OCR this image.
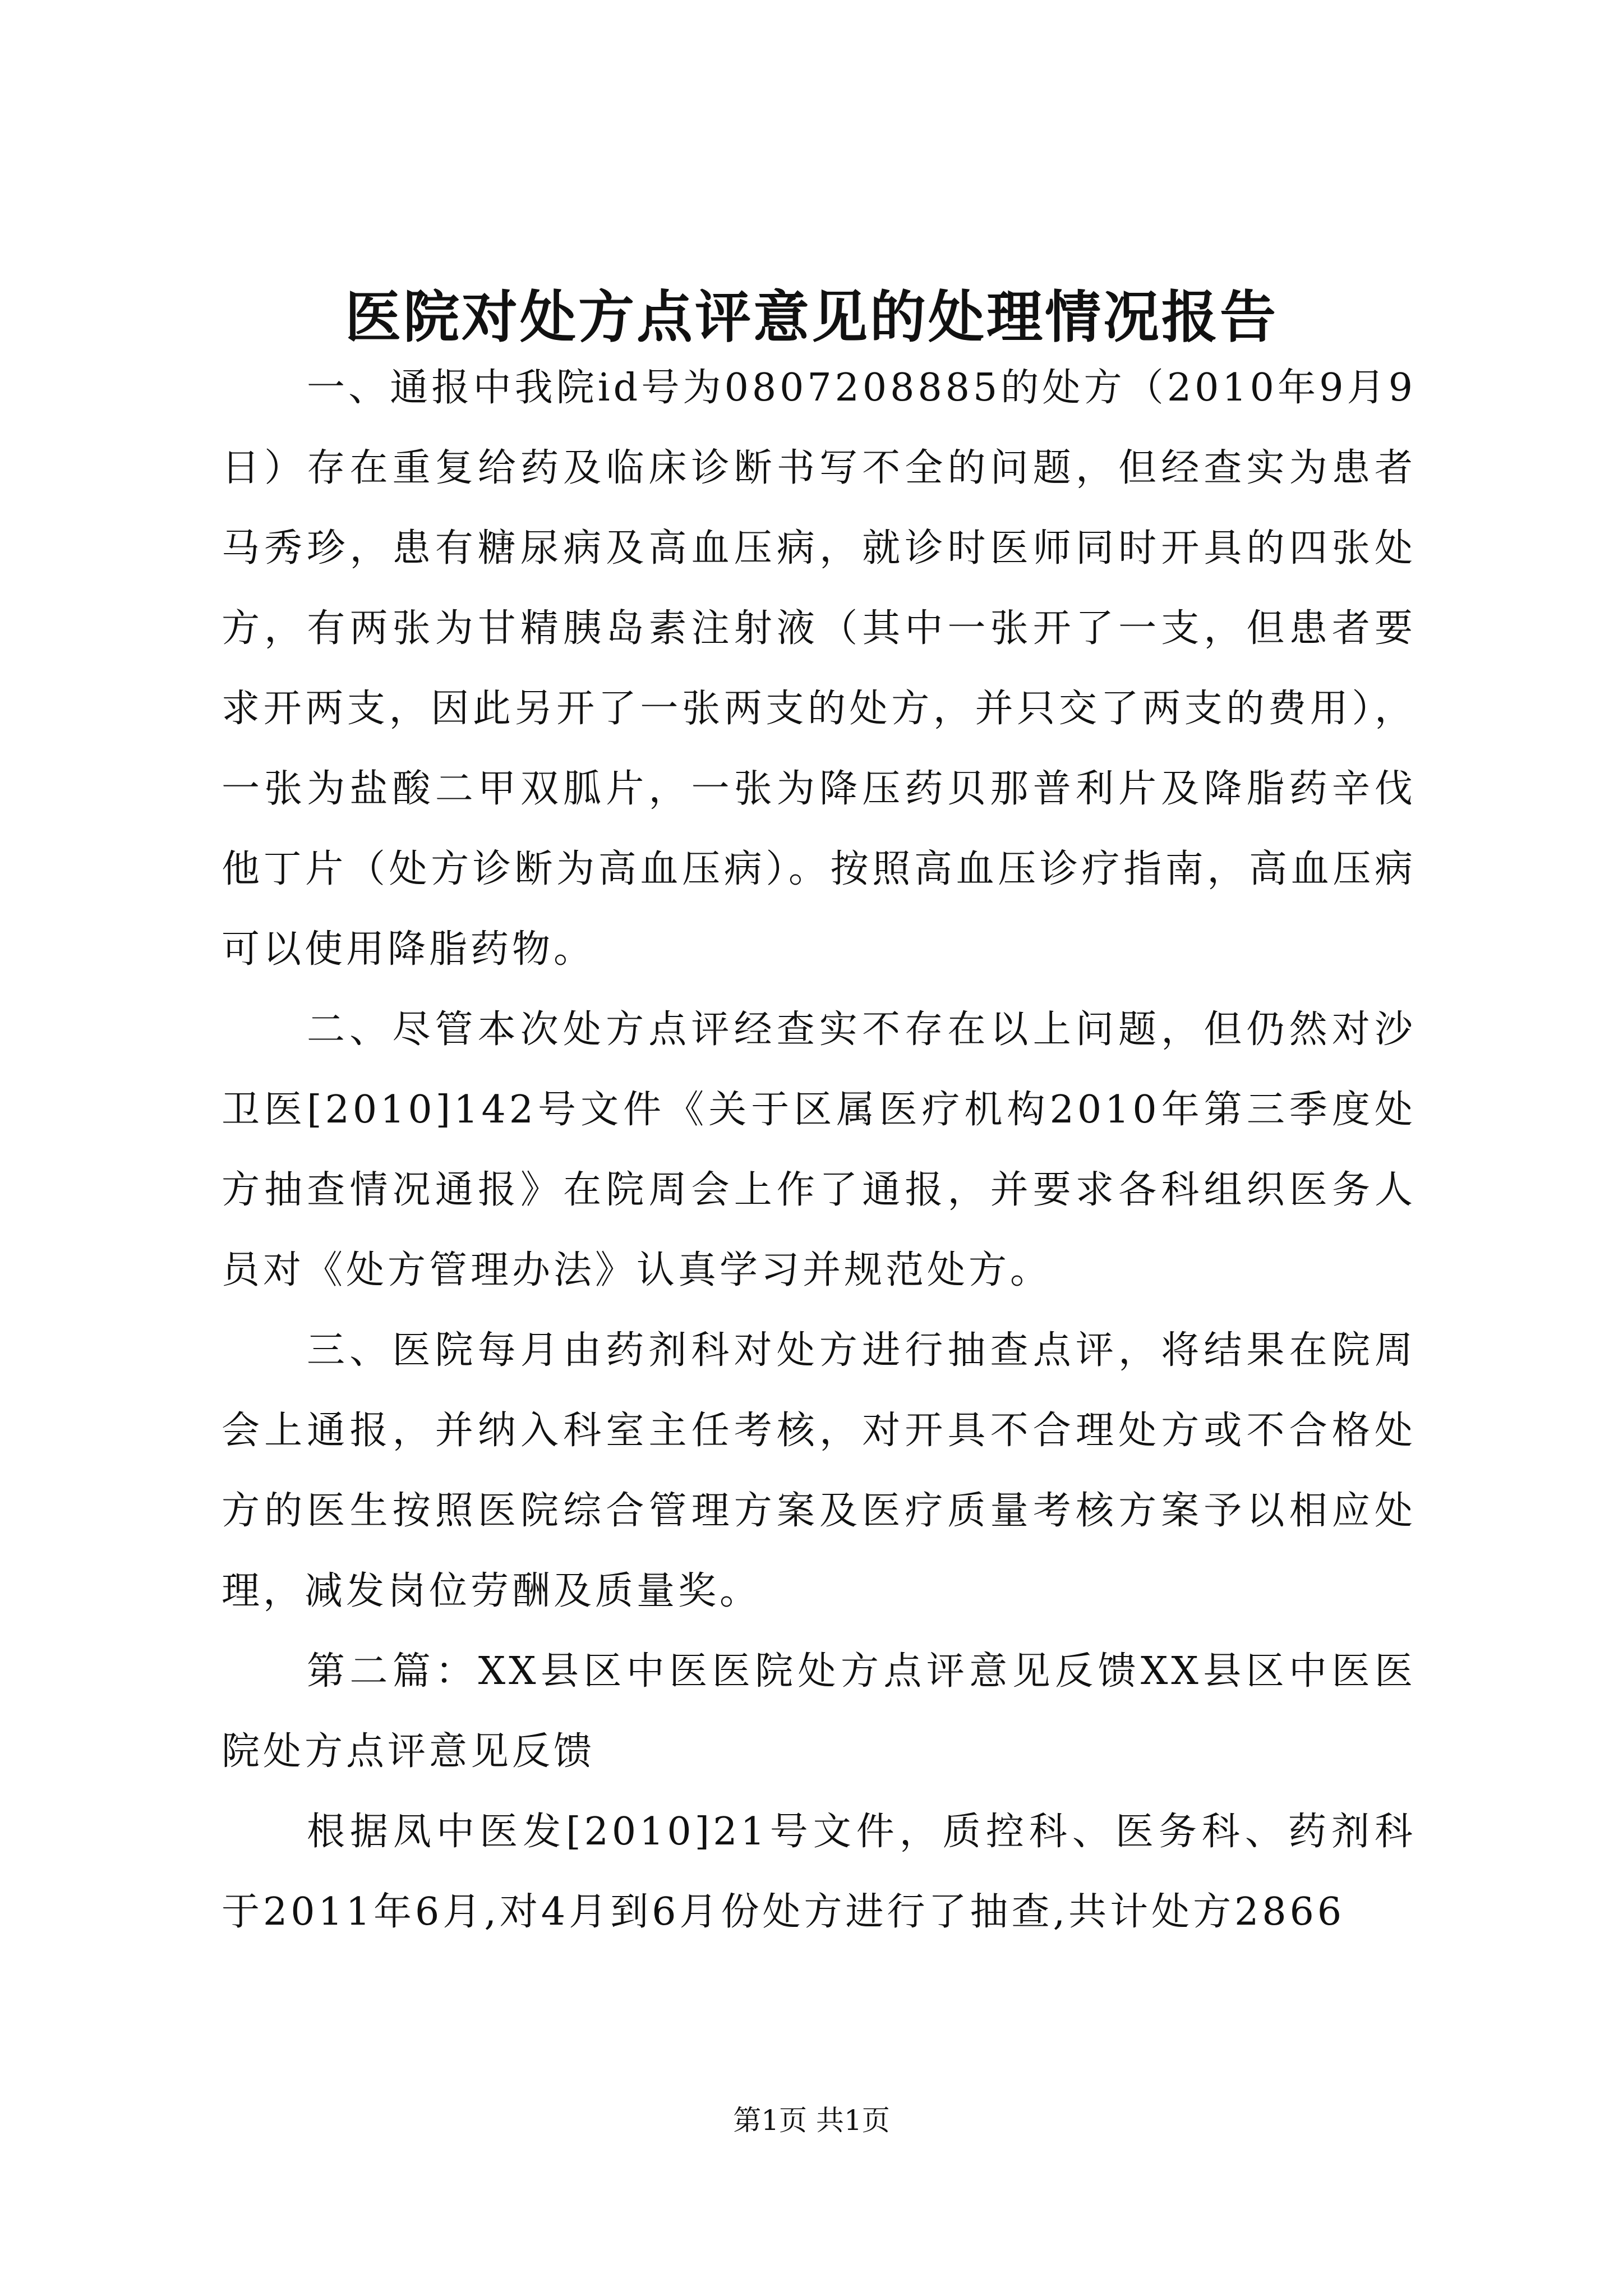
医院对处方点评意见的处理情况报告

一、通报中我院id号为0807208885的处方（2010年9月9日）存在重复给药及临床诊断书写不全的问题，但经查实为患者马秀珍，患有糖尿病及高血压病，就诊时医师同时开具的四张处方，有两张为甘精胰岛素注射液（其中一张开了一支，但患者要求开两支，因此另开了一张两支的处方，并只交了两支的费用），一张为盐酸二甲双胍片，一张为降压药贝那普利片及降脂药辛伐他丁片（处方诊断为高血压病）。按照高血压诊疗指南，高血压病可以使用降脂药物。

二、尽管本次处方点评经查实不存在以上问题，但仍然对沙卫医[2010]142号文件《关于区属医疗机构2010年第三季度处方抽查情况通报》在院周会上作了通报，并要求各科组织医务人员对《处方管理办法》认真学习并规范处方。

三、医院每月由药剂科对处方进行抽查点评，将结果在院周会上通报，并纳入科室主任考核，对开具不合理处方或不合格处方的医生按照医院综合管理方案及医疗质量考核方案予以相应处理，减发岗位劳酬及质量奖。

第二篇：XX县区中医医院处方点评意见反馈XX县区中医医院处方点评意见反馈

根据凤中医发[2010]21号文件，质控科、医务科、药剂科于2011年6月,对4月到6月份处方进行了抽查,共计处方2866

第1页 共1页
